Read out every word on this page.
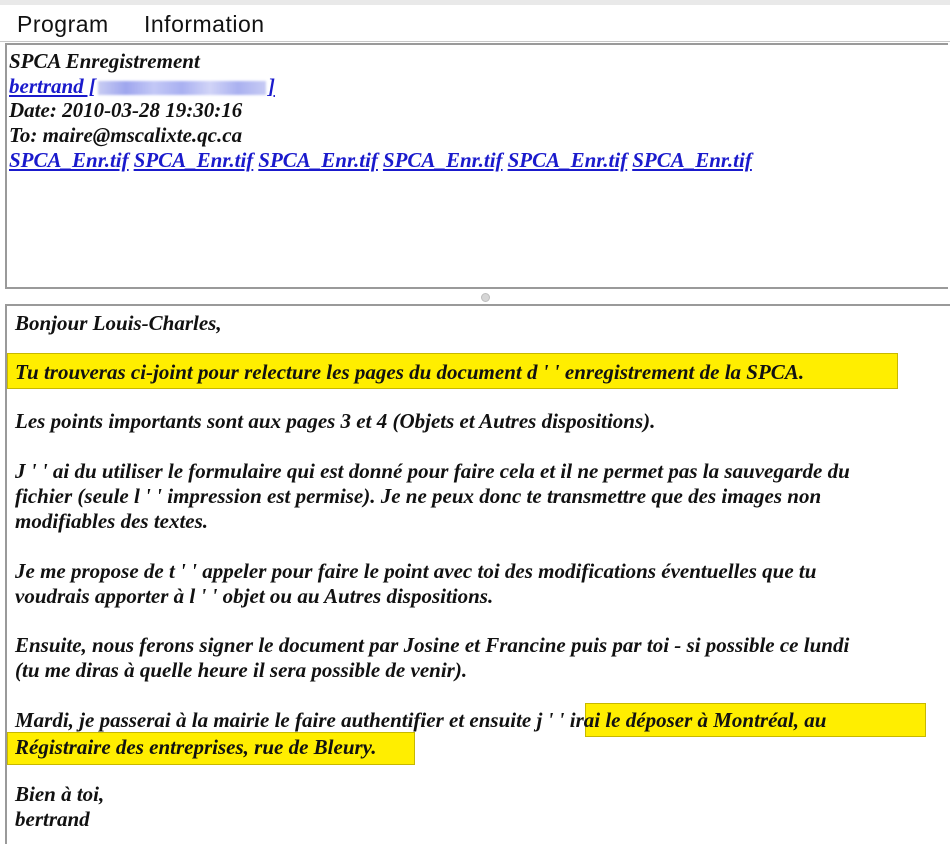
Program Information
SPCA Enregistrement
bertrand [	]
Date: 2010-03-28 19:30:16
To: maire@mscalixte.qc.ca
SPCA_Enr.tif SPCA_Enr.tif SPCA_Enr.tif SPCA_Enr.tif SPCA_Enr.tif SPCA_Enr.tif
Bonjour Louis-Charles,
Tu trouveras ci-joint pour relecture les pages du document d ' ' enregistrement de la SPCA.
Les points importants sont aux pages 3 et 4 (Objets et Autres dispositions).
J ' ' ai du utiliser le formulaire qui est donné pour faire cela et il ne permet pas la sauvegarde du
fichier (seule l ' ' impression est permise). Je ne peux donc te transmettre que des images non
modifiables des textes.
Je me propose de t ' ' appeler pour faire le point avec toi des modifications éventuelles que tu
voudrais apporter à l ' ' objet ou au Autres dispositions.
Ensuite, nous ferons signer le document par Josine et Francine puis par toi - si possible ce lundi
(tu me diras à quelle heure il sera possible de venir).
Mardi, je passerai à la mairie le faire authentifier et ensuite j ' ' irai le déposer à Montréal, au
Régistraire des entreprises, rue de Bleury.
Bien à toi,
bertrand
